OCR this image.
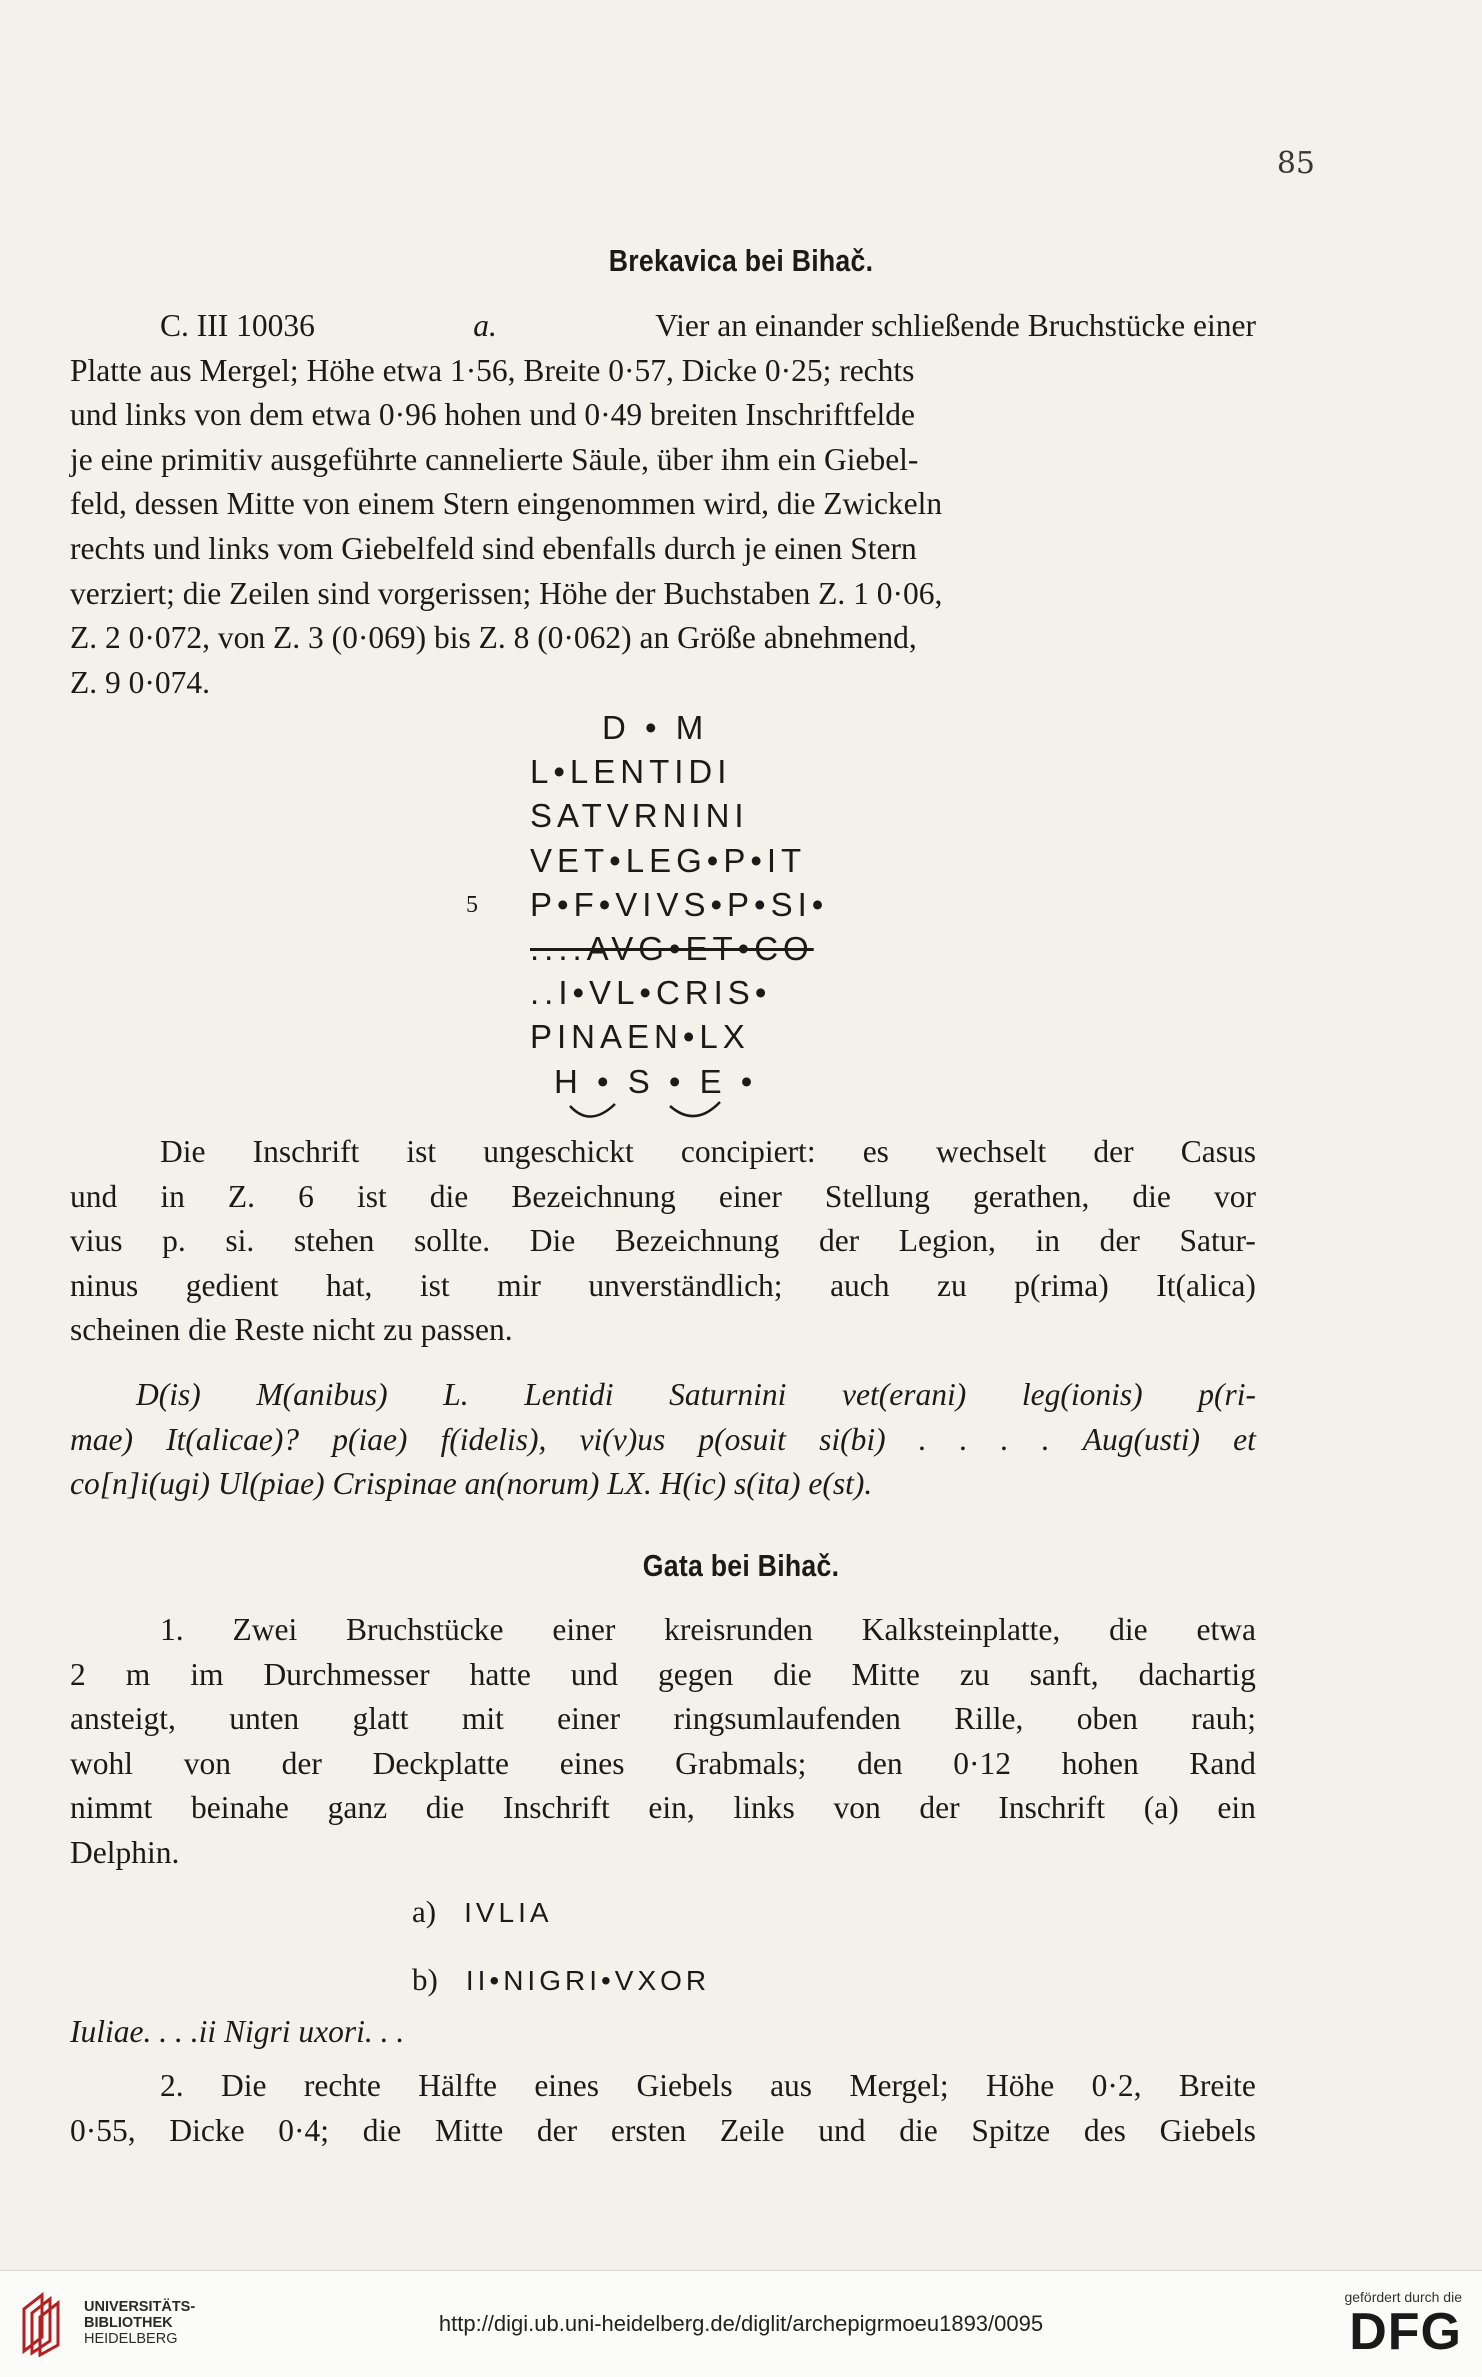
85
Brekavica bei Bihač.
C. III 10036	a.	Vier an einander schließende Bruchstücke einer
Platte aus Mergel; Höhe etwa 1·56, Breite 0·57, Dicke 0·25; rechts
und links von dem etwa 0·96 hohen und 0·49 breiten Inschriftfelde
je eine primitiv ausgeführte cannelierte Säule, über ihm ein Giebel-
feld, dessen Mitte von einem Stern eingenommen wird, die Zwickeln
rechts und links vom Giebelfeld sind ebenfalls durch je einen Stern
verziert; die Zeilen sind vorgerissen; Höhe der Buchstaben Z. 1 0·06,
Z. 2 0·072, von Z. 3 (0·069) bis Z. 8 (0·062) an Größe abnehmend,
Z. 9 0·074.
D • M
L•LENTIDI
SATVRNINI
VET•LEG•P•IT
5 P•F•VIVS•P•SI•
....AVG•ET•CO
..I•VL•CRIS•
PINAEN•LX
H • S • E •
Die Inschrift ist ungeschickt concipiert: es wechselt der Casus
und in Z. 6 ist die Bezeichnung einer Stellung gerathen, die vor
vius p. si. stehen sollte. Die Bezeichnung der Legion, in der Satur-
ninus gedient hat, ist mir unverständlich; auch zu p(rima) It(alica)
scheinen die Reste nicht zu passen.
D(is) M(anibus) L. Lentidi Saturnini vet(erani) leg(ionis) p(ri-
mae) It(alicae)? p(iae) f(idelis), vi(v)us p(osuit si(bi) . . . . Aug(usti) et
co[n]i(ugi) Ul(piae) Crispinae an(norum) LX. H(ic) s(ita) e(st).
Gata bei Bihač.
1. Zwei Bruchstücke einer kreisrunden Kalksteinplatte, die etwa
2 m im Durchmesser hatte und gegen die Mitte zu sanft, dachartig
ansteigt, unten glatt mit einer ringsumlaufenden Rille, oben rauh;
wohl von der Deckplatte eines Grabmals; den 0·12 hohen Rand
nimmt beinahe ganz die Inschrift ein, links von der Inschrift (a) ein
Delphin.
a) IVLIA
b) II•NIGRI•VXOR
Iuliae. . . .ii Nigri uxori. . .
2. Die rechte Hälfte eines Giebels aus Mergel; Höhe 0·2, Breite
0·55, Dicke 0·4; die Mitte der ersten Zeile und die Spitze des Giebels
UNIVERSITÄTS-
BIBLIOTHEK
HEIDELBERG
http://digi.ub.uni-heidelberg.de/diglit/archepigrmoeu1893/0095
gefördert durch die
DFG
